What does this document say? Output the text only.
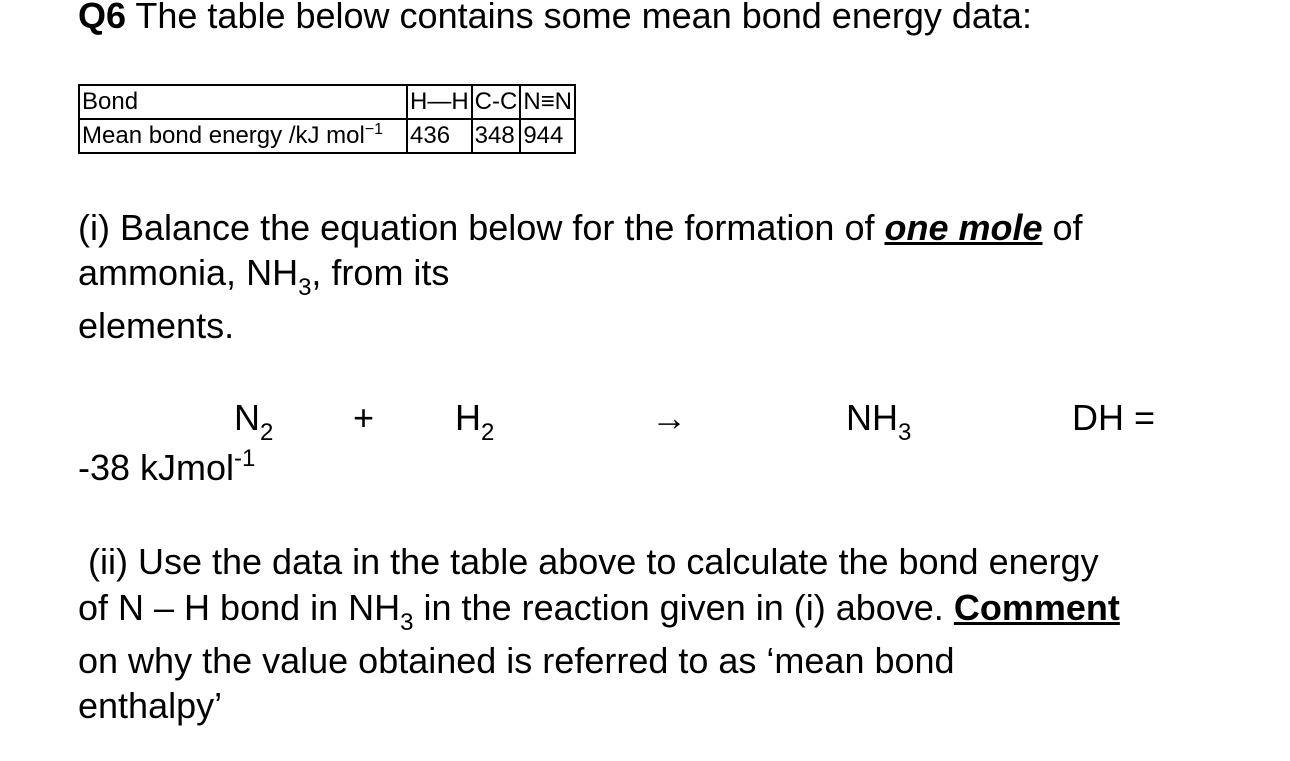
Q6 The table below contains some mean bond energy data:
Bond	H—H	C-C	N≡N
Mean bond energy /kJ mol$^{-1}$	436	348	944
(i) Balance the equation below for the formation of one mole of
ammonia, $NH_3$, from its
elements.
$N_2 + H_2$	→	$NH_3$	DH =
-38 kJmol$^{-1}$
(ii) Use the data in the table above to calculate the bond energy
of N – H bond in $NH_3$ in the reaction given in (i) above. Comment
on why the value obtained is referred to as ‘mean bond
enthalpy’
